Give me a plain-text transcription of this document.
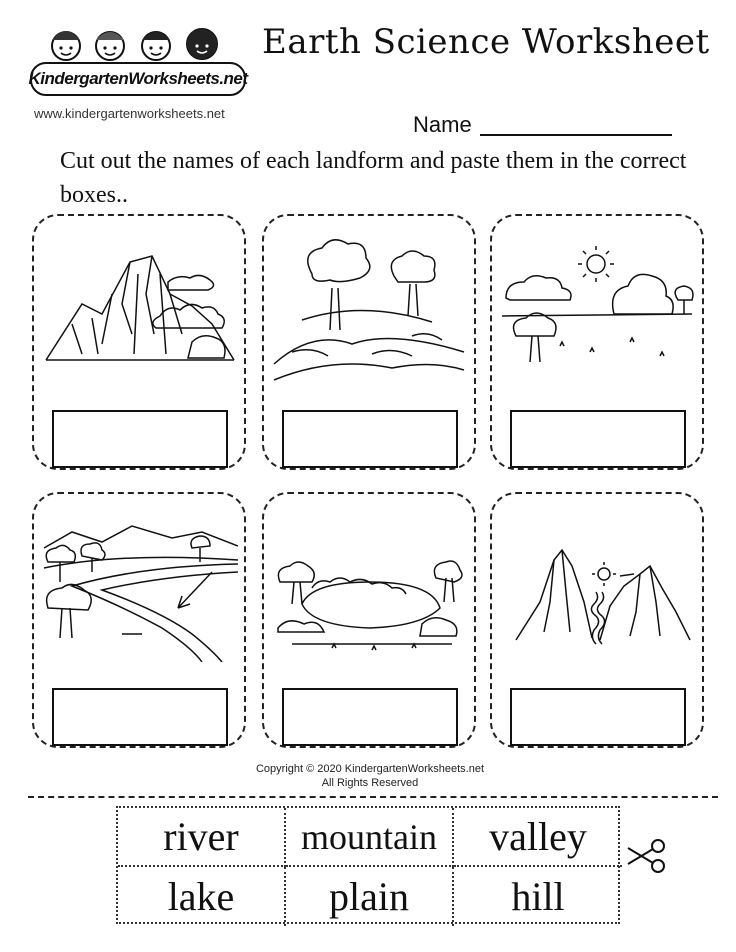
KindergartenWorksheets.net
www.kindergartenworksheets.net
Earth Science Worksheet
Name
Cut out the names of each landform and paste them in the correct boxes..
Copyright © 2020 KindergartenWorksheets.net
All Rights Reserved
river	mountain	valley
lake	plain	hill
